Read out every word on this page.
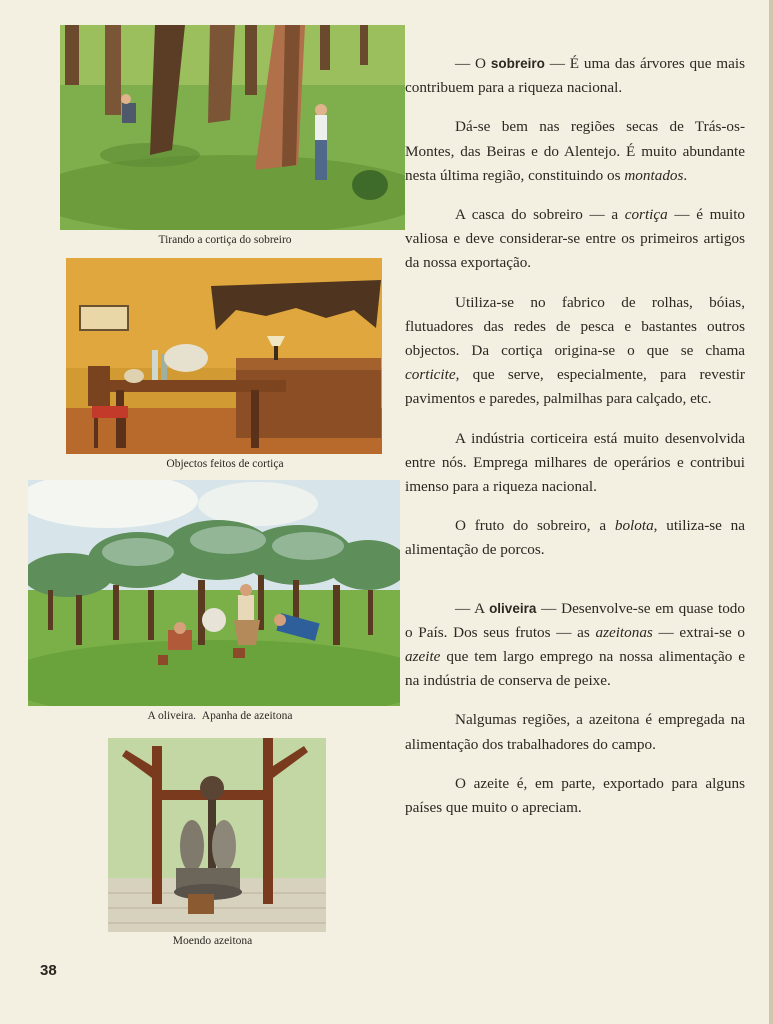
Tirando a cortiça do sobreiro
Objectos feitos de cortiça
A oliveira. Apanha de azeitona
Moendo azeitona

— O sobreiro — É uma das árvores que mais contribuem para a riqueza nacional.

Dá-se bem nas regiões secas de Trás-os-Montes, das Beiras e do Alentejo. É muito abundante nesta última região, constituindo os montados.

A casca do sobreiro — a cortiça — é muito valiosa e deve considerar-se entre os primeiros artigos da nossa exportação.

Utiliza-se no fabrico de rolhas, bóias, flutuadores das redes de pesca e bastantes outros objectos. Da cortiça origina-se o que se chama corticite, que serve, especialmente, para revestir pavimentos e paredes, palmilhas para calçado, etc.

A indústria corticeira está muito desenvolvida entre nós. Emprega milhares de operários e contribui imenso para a riqueza nacional.

O fruto do sobreiro, a bolota, utiliza-se na alimentação de porcos.

— A oliveira — Desenvolve-se em quase todo o País. Dos seus frutos — as azeitonas — extrai-se o azeite que tem largo emprego na nossa alimentação e na indústria de conserva de peixe.

Nalgumas regiões, a azeitona é empregada na alimentação dos trabalhadores do campo.

O azeite é, em parte, exportado para alguns países que muito o apreciam.

38
